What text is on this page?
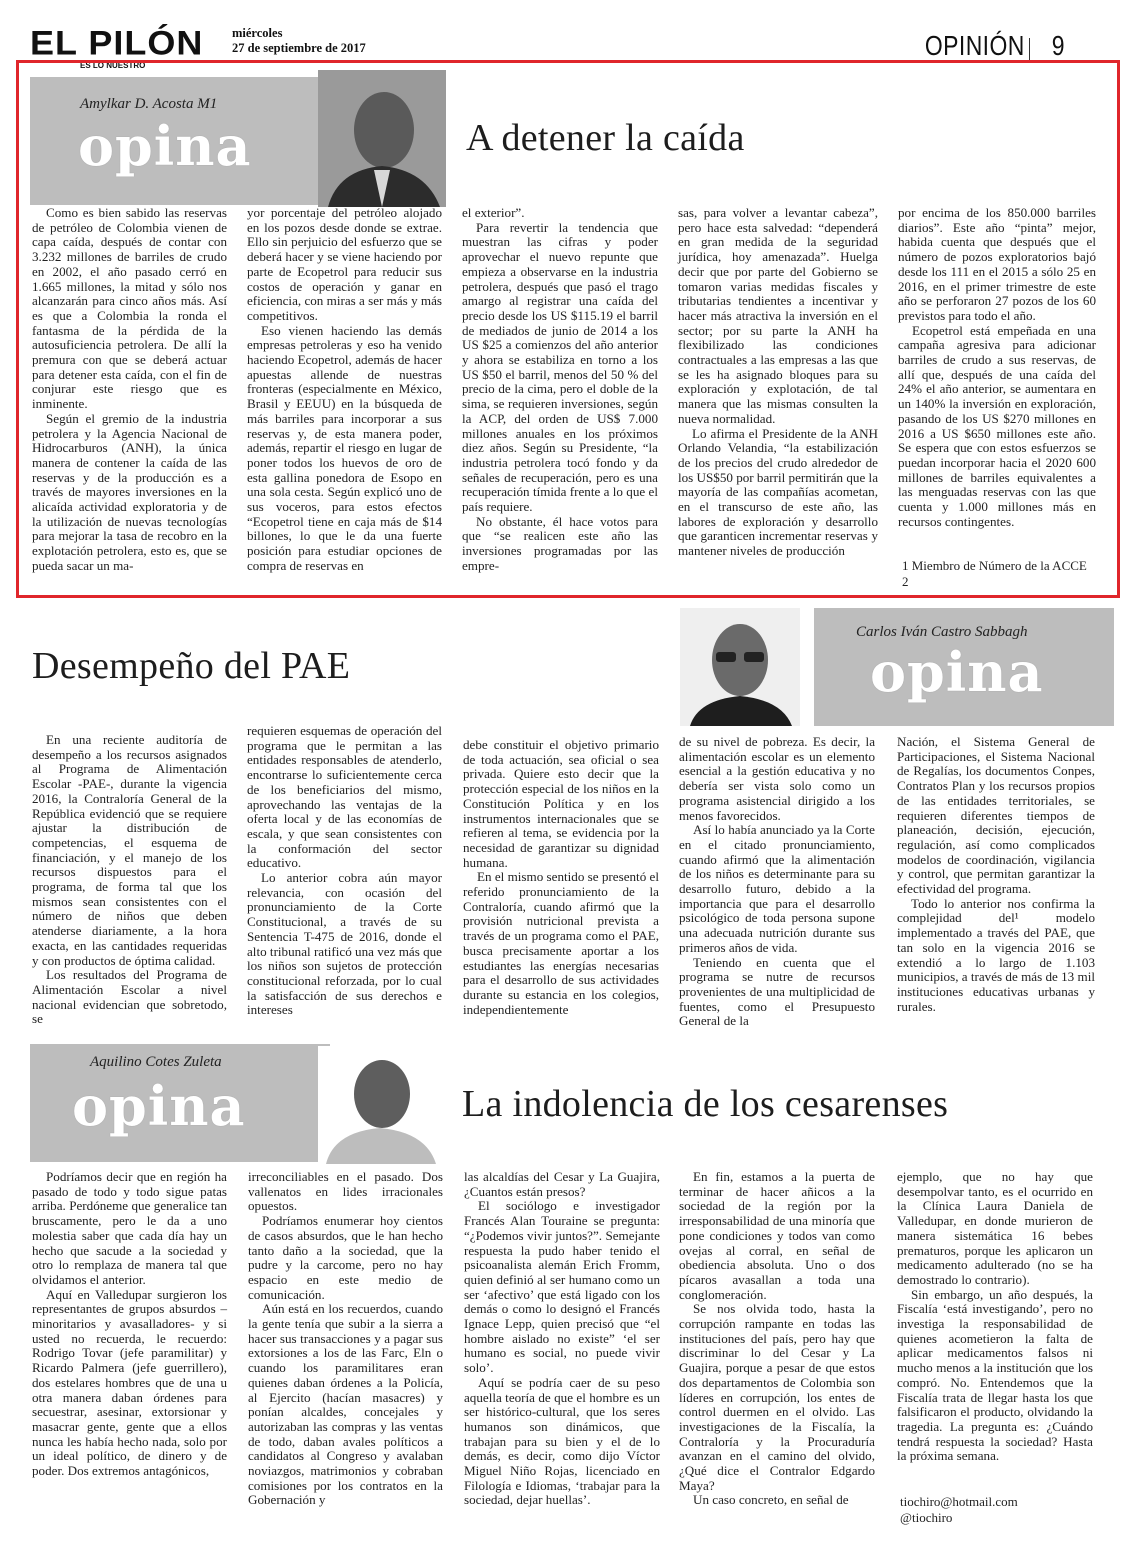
EL PILÓN
ES LO NUESTRO
miércoles
27 de septiembre de 2017	OPINIÓN 9
Amylkar D. Acosta M1
opina	A detener la caída

Como es bien sabido las reservas de petróleo de Colombia vienen de capa caída, después de contar con 3.232 millones de barriles de crudo en 2002, el año pasado cerró en 1.665 millones, la mitad y sólo nos alcanzarán para cinco años más. Así es que a Colombia la ronda el fantasma de la pérdida de la autosuficiencia petrolera. De allí la premura con que se deberá actuar para detener esta caída, con el fin de conjurar este riesgo que es inminente.

Según el gremio de la industria petrolera y la Agencia Nacional de Hidrocarburos (ANH), la única manera de contener la caída de las reservas y de la producción es a través de mayores inversiones en la alicaída actividad exploratoria y de la utilización de nuevas tecnologías para mejorar la tasa de recobro en la explotación petrolera, esto es, que se pueda sacar un ma-

yor porcentaje del petróleo alojado en los pozos desde donde se extrae. Ello sin perjuicio del esfuerzo que se deberá hacer y se viene haciendo por parte de Ecopetrol para reducir sus costos de operación y ganar en eficiencia, con miras a ser más y más competitivos.

Eso vienen haciendo las demás empresas petroleras y eso ha venido haciendo Ecopetrol, además de hacer apuestas allende de nuestras fronteras (especialmente en México, Brasil y EEUU) en la búsqueda de más barriles para incorporar a sus reservas y, de esta manera poder, además, repartir el riesgo en lugar de poner todos los huevos de oro de esta gallina ponedora de Esopo en una sola cesta. Según explicó uno de sus voceros, para estos efectos “Ecopetrol tiene en caja más de $14 billones, lo que le da una fuerte posición para estudiar opciones de compra de reservas en

el exterior”.

Para revertir la tendencia que muestran las cifras y poder aprovechar el nuevo repunte que empieza a observarse en la industria petrolera, después que pasó el trago amargo al registrar una caída del precio desde los US $115.19 el barril de mediados de junio de 2014 a los US $25 a comienzos del año anterior y ahora se estabiliza en torno a los US $50 el barril, menos del 50 % del precio de la cima, pero el doble de la sima, se requieren inversiones, según la ACP, del orden de US$ 7.000 millones anuales en los próximos diez años. Según su Presidente, “la industria petrolera tocó fondo y da señales de recuperación, pero es una recuperación tímida frente a lo que el país requiere.

No obstante, él hace votos para que “se realicen este año las inversiones programadas por las empre-

sas, para volver a levantar cabeza”, pero hace esta salvedad: “dependerá en gran medida de la seguridad jurídica, hoy amenazada”. Huelga decir que por parte del Gobierno se tomaron varias medidas fiscales y tributarias tendientes a incentivar y hacer más atractiva la inversión en el sector; por su parte la ANH ha flexibilizado las condiciones contractuales a las empresas a las que se les ha asignado bloques para su exploración y explotación, de tal manera que las mismas consulten la nueva normalidad.

Lo afirma el Presidente de la ANH Orlando Velandia, “la estabilización de los precios del crudo alrededor de los US$50 por barril permitirán que la mayoría de las compañías acometan, en el transcurso de este año, las labores de exploración y desarrollo que garanticen incrementar reservas y mantener niveles de producción

por encima de los 850.000 barriles diarios”. Este año “pinta” mejor, habida cuenta que después que el número de pozos exploratorios bajó desde los 111 en el 2015 a sólo 25 en 2016, en el primer trimestre de este año se perforaron 27 pozos de los 60 previstos para todo el año.

Ecopetrol está empeñada en una campaña agresiva para adicionar barriles de crudo a sus reservas, de allí que, después de una caída del 24% el año anterior, se aumentara en un 140% la inversión en exploración, pasando de los US $270 millones en 2016 a US $650 millones este año. Se espera que con estos esfuerzos se puedan incorporar hacia el 2020 600 millones de barriles equivalentes a las menguadas reservas con las que cuenta y 1.000 millones más en recursos contingentes.

1 Miembro de Número de la ACCE
2
Carlos Iván Castro Sabbagh
opina
Desempeño del PAE

En una reciente auditoría de desempeño a los recursos asignados al Programa de Alimentación Escolar -PAE-, durante la vigencia 2016, la Contraloría General de la República evidenció que se requiere ajustar la distribución de competencias, el esquema de financiación, y el manejo de los recursos dispuestos para el programa, de forma tal que los mismos sean consistentes con el número de niños que deben atenderse diariamente, a la hora exacta, en las cantidades requeridas y con productos de óptima calidad.

Los resultados del Programa de Alimentación Escolar a nivel nacional evidencian que sobretodo, se

requieren esquemas de operación del programa que le permitan a las entidades responsables de atenderlo, encontrarse lo suficientemente cerca de los beneficiarios del mismo, aprovechando las ventajas de la oferta local y de las economías de escala, y que sean consistentes con la conformación del sector educativo.

Lo anterior cobra aún mayor relevancia, con ocasión del pronunciamiento de la Corte Constitucional, a través de su Sentencia T-475 de 2016, donde el alto tribunal ratificó una vez más que los niños son sujetos de protección constitucional reforzada, por lo cual la satisfacción de sus derechos e intereses

debe constituir el objetivo primario de toda actuación, sea oficial o sea privada. Quiere esto decir que la protección especial de los niños en la Constitución Política y en los instrumentos internacionales que se refieren al tema, se evidencia por la necesidad de garantizar su dignidad humana.

En el mismo sentido se presentó el referido pronunciamiento de la Contraloría, cuando afirmó que la provisión nutricional prevista a través de un programa como el PAE, busca precisamente aportar a los estudiantes las energías necesarias para el desarrollo de sus actividades durante su estancia en los colegios, independientemente

de su nivel de pobreza. Es decir, la alimentación escolar es un elemento esencial a la gestión educativa y no debería ser vista solo como un programa asistencial dirigido a los menos favorecidos.

Así lo había anunciado ya la Corte en el citado pronunciamiento, cuando afirmó que la alimentación de los niños es determinante para su desarrollo futuro, debido a la importancia que para el desarrollo psicológico de toda persona supone una adecuada nutrición durante sus primeros años de vida.

Teniendo en cuenta que el programa se nutre de recursos provenientes de una multiplicidad de fuentes, como el Presupuesto General de la

Nación, el Sistema General de Participaciones, el Sistema Nacional de Regalías, los documentos Conpes, Contratos Plan y los recursos propios de las entidades territoriales, se requieren diferentes tiempos de planeación, decisión, ejecución, regulación, así como complicados modelos de coordinación, vigilancia y control, que permitan garantizar la efectividad del programa.

Todo lo anterior nos confirma la complejidad del¹ modelo implementado a través del PAE, que tan solo en la vigencia 2016 se extendió a lo largo de 1.103 municipios, a través de más de 13 mil instituciones educativas urbanas y rurales.

Aquilino Cotes Zuleta
opina	La indolencia de los cesarenses

Podríamos decir que en región ha pasado de todo y todo sigue patas arriba. Perdóneme que generalice tan bruscamente, pero le da a uno molestia saber que cada día hay un hecho que sacude a la sociedad y otro lo remplaza de manera tal que olvidamos el anterior.

Aquí en Valledupar surgieron los representantes de grupos absurdos –minoritarios y avasalladores- y si usted no recuerda, le recuerdo: Rodrigo Tovar (jefe paramilitar) y Ricardo Palmera (jefe guerrillero), dos estelares hombres que de una u otra manera daban órdenes para secuestrar, asesinar, extorsionar y masacrar gente, gente que a ellos nunca les había hecho nada, solo por un ideal político, de dinero y de poder. Dos extremos antagónicos,

irreconciliables en el pasado. Dos vallenatos en lides irracionales opuestos.

Podríamos enumerar hoy cientos de casos absurdos, que le han hecho tanto daño a la sociedad, que la pudre y la carcome, pero no hay espacio en este medio de comunicación.

Aún está en los recuerdos, cuando la gente tenía que subir a la sierra a hacer sus transacciones y a pagar sus extorsiones a los de las Farc, Eln o cuando los paramilitares eran quienes daban órdenes a la Policía, al Ejercito (hacían masacres) y ponían alcaldes, concejales y autorizaban las compras y las ventas de todo, daban avales políticos a candidatos al Congreso y avalaban noviazgos, matrimonios y cobraban comisiones por los contratos en la Gobernación y

las alcaldías del Cesar y La Guajira, ¿Cuantos están presos?

El sociólogo e investigador Francés Alan Touraine se pregunta: “¿Podemos vivir juntos?”. Semejante respuesta la pudo haber tenido el psicoanalista alemán Erich Fromm, quien definió al ser humano como un ser ‘afectivo’ que está ligado con los demás o como lo designó el Francés Ignace Lepp, quien precisó que “el hombre aislado no existe” ‘el ser humano es social, no puede vivir solo’.

Aquí se podría caer de su peso aquella teoría de que el hombre es un ser histórico-cultural, que los seres humanos son dinámicos, que trabajan para su bien y el de lo demás, es decir, como dijo Víctor Miguel Niño Rojas, licenciado en Filología e Idiomas, ‘trabajar para la sociedad, dejar huellas’.

En fin, estamos a la puerta de terminar de hacer añicos a la sociedad de la región por la irresponsabilidad de una minoría que pone condiciones y todos van como ovejas al corral, en señal de obediencia absoluta. Uno o dos pícaros avasallan a toda una conglomeración.

Se nos olvida todo, hasta la corrupción rampante en todas las instituciones del país, pero hay que discriminar lo del Cesar y La Guajira, porque a pesar de que estos dos departamentos de Colombia son líderes en corrupción, los entes de control duermen en el olvido. Las investigaciones de la Fiscalía, la Contraloría y la Procuraduría avanzan en el camino del olvido, ¿Qué dice el Contralor Edgardo Maya?

Un caso concreto, en señal de

ejemplo, que no hay que desempolvar tanto, es el ocurrido en la Clínica Laura Daniela de Valledupar, en donde murieron de manera sistemática 16 bebes prematuros, porque les aplicaron un medicamento adulterado (no se ha demostrado lo contrario).

Sin embargo, un año después, la Fiscalía ‘está investigando’, pero no investiga la responsabilidad de quienes acometieron la falta de aplicar medicamentos falsos ni mucho menos a la institución que los compró. No. Entendemos que la Fiscalía trata de llegar hasta los que falsificaron el producto, olvidando la tragedia. La pregunta es: ¿Cuándo tendrá respuesta la sociedad? Hasta la próxima semana.

tiochiro@hotmail.com
@tiochiro
